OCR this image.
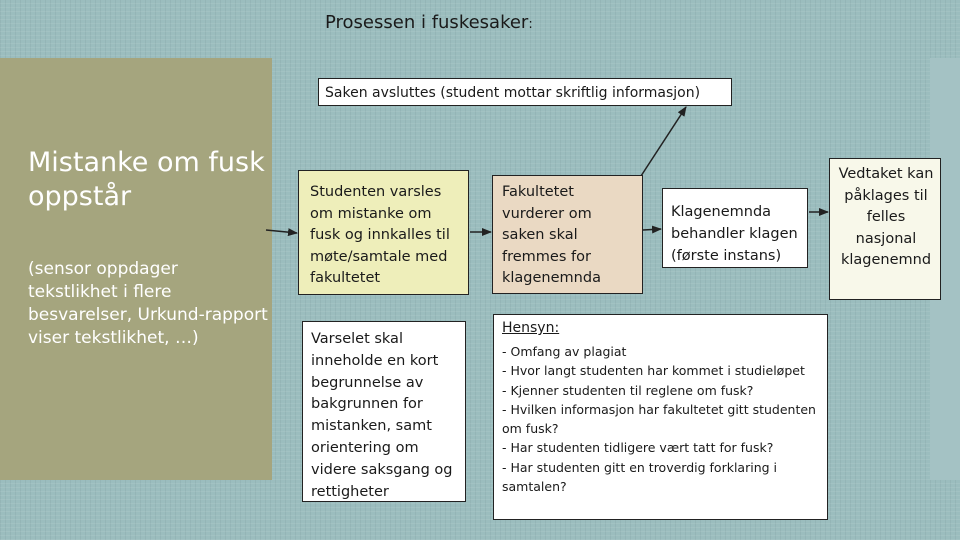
Prosessen i fuskesaker:
Mistanke om fusk oppstår
(sensor oppdager tekstlikhet i flere besvarelser, Urkund-rapport viser tekstlikhet, …)
Saken avsluttes (student mottar skriftlig informasjon)
Studenten varsles om mistanke om fusk og innkalles til møte/samtale med fakultetet
Fakultetet vurderer om saken skal fremmes for klagenemnda
Klagenemnda behandler klagen (første instans)
Vedtaket kan påklages til felles nasjonal klagenemnd
Varselet skal inneholde en kort begrunnelse av bakgrunnen for mistanken, samt orientering om videre saksgang og rettigheter
Hensyn:
- Omfang av plagiat
- Hvor langt studenten har kommet i studieløpet
- Kjenner studenten til reglene om fusk?
- Hvilken informasjon har fakultetet gitt studenten om fusk?
- Har studenten tidligere vært tatt for fusk?
- Har studenten gitt en troverdig forklaring i samtalen?
